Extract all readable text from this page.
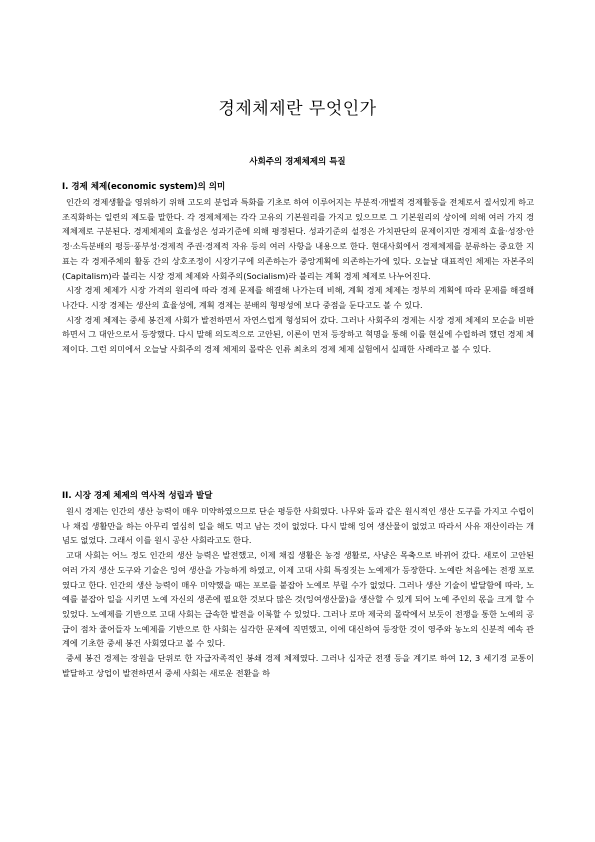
경제체제란 무엇인가
사회주의 경제체제의 특질
I. 경제 체제(economic system)의 의미

인간의 경제생활을 영위하기 위해 고도의 분업과 특화를 기초로 하여 이루어지는 부분적·개별적 경제활동을 전체로서 질서있게 하고 조직화하는 일련의 제도를 말한다. 각 경제체제는 각각 고유의 기본원리를 가지고 있으므로 그 기본원리의 상이에 의해 여러 가지 경제체제로 구분된다. 경제체제의 효율성은 성과기준에 의해 평정된다. 성과기준의 설정은 가치판단의 문제이지만 경제적 효율·성장·안정·소득분배의 평등·풍부성·경제적 주권·경제적 자유 등의 여러 사항을 내용으로 한다. 현대사회에서 경제체제를 분류하는 중요한 지표는 각 경제주체의 활동 간의 상호조정이 시장기구에 의존하는가 중앙계획에 의존하는가에 있다. 오늘날 대표적인 체제는 자본주의(Capitalism)라 불리는 시장 경제 체제와 사회주의(Socialism)라 불리는 계획 경제 체제로 나누어진다.

시장 경제 체제가 시장 가격의 원리에 따라 경제 문제를 해결해 나가는데 비해, 계획 경제 체제는 정부의 계획에 따라 문제를 해결해 나간다. 시장 경제는 생산의 효율성에, 계획 경제는 분배의 형평성에 보다 중점을 둔다고도 볼 수 있다.

시장 경제 체제는 중세 봉건제 사회가 발전하면서 자연스럽게 형성되어 갔다. 그러나 사회주의 경제는 시장 경제 체제의 모순을 비판하면서 그 대안으로서 등장했다. 다시 말해 의도적으로 고안된, 이론이 먼저 등장하고 혁명을 통해 이를 현실에 수립하려 했던 경제 체제이다. 그런 의미에서 오늘날 사회주의 경제 체제의 몰락은 인류 최초의 경제 체제 실험에서 실패한 사례라고 볼 수 있다.

II. 시장 경제 체제의 역사적 성립과 발달

원시 경제는 인간의 생산 능력이 매우 미약하였으므로 단순 평등한 사회였다. 나무와 돌과 같은 원시적인 생산 도구를 가지고 수렵이나 채집 생활만을 하는 아무리 열심히 일을 해도 먹고 남는 것이 없었다. 다시 말해 잉여 생산물이 없었고 따라서 사유 재산이라는 개념도 없었다. 그래서 이를 원시 공산 사회라고도 한다.

고대 사회는 어느 정도 인간의 생산 능력은 발전했고, 이제 채집 생활은 농경 생활로, 사냥은 목축으로 바뀌어 갔다. 새로이 고안된 여러 가지 생산 도구와 기술은 잉여 생산을 가능하게 하였고, 이제 고대 사회 특징짓는 노예제가 등장한다. 노예란 처음에는 전쟁 포로였다고 한다. 인간의 생산 능력이 매우 미약했을 때는 포로를 붙잡아 노예로 부릴 수가 없었다. 그러나 생산 기술이 발달함에 따라, 노예를 붙잡아 일을 시키면 노예 자신의 생존에 필요한 것보다 많은 것(잉여생산물)을 생산할 수 있게 되어 노예 주인의 몫을 크게 할 수 있었다. 노예제를 기반으로 고대 사회는 급속한 발전을 이룩할 수 있었다. 그러나 로마 제국의 몰락에서 보듯이 전쟁을 통한 노예의 공급이 점차 줄어들자 노예제를 기반으로 한 사회는 심각한 문제에 직면했고, 이에 대신하여 등장한 것이 영주와 농노의 신분적 예속 관계에 기초한 중세 봉건 사회였다고 볼 수 있다.

중세 봉건 경제는 장원을 단위로 한 자급자족적인 봉쇄 경제 체제였다. 그러나 십자군 전쟁 등을 계기로 하여 12, 3 세기경 교통이 발달하고 상업이 발전하면서 중세 사회는 새로운 전환을 하
